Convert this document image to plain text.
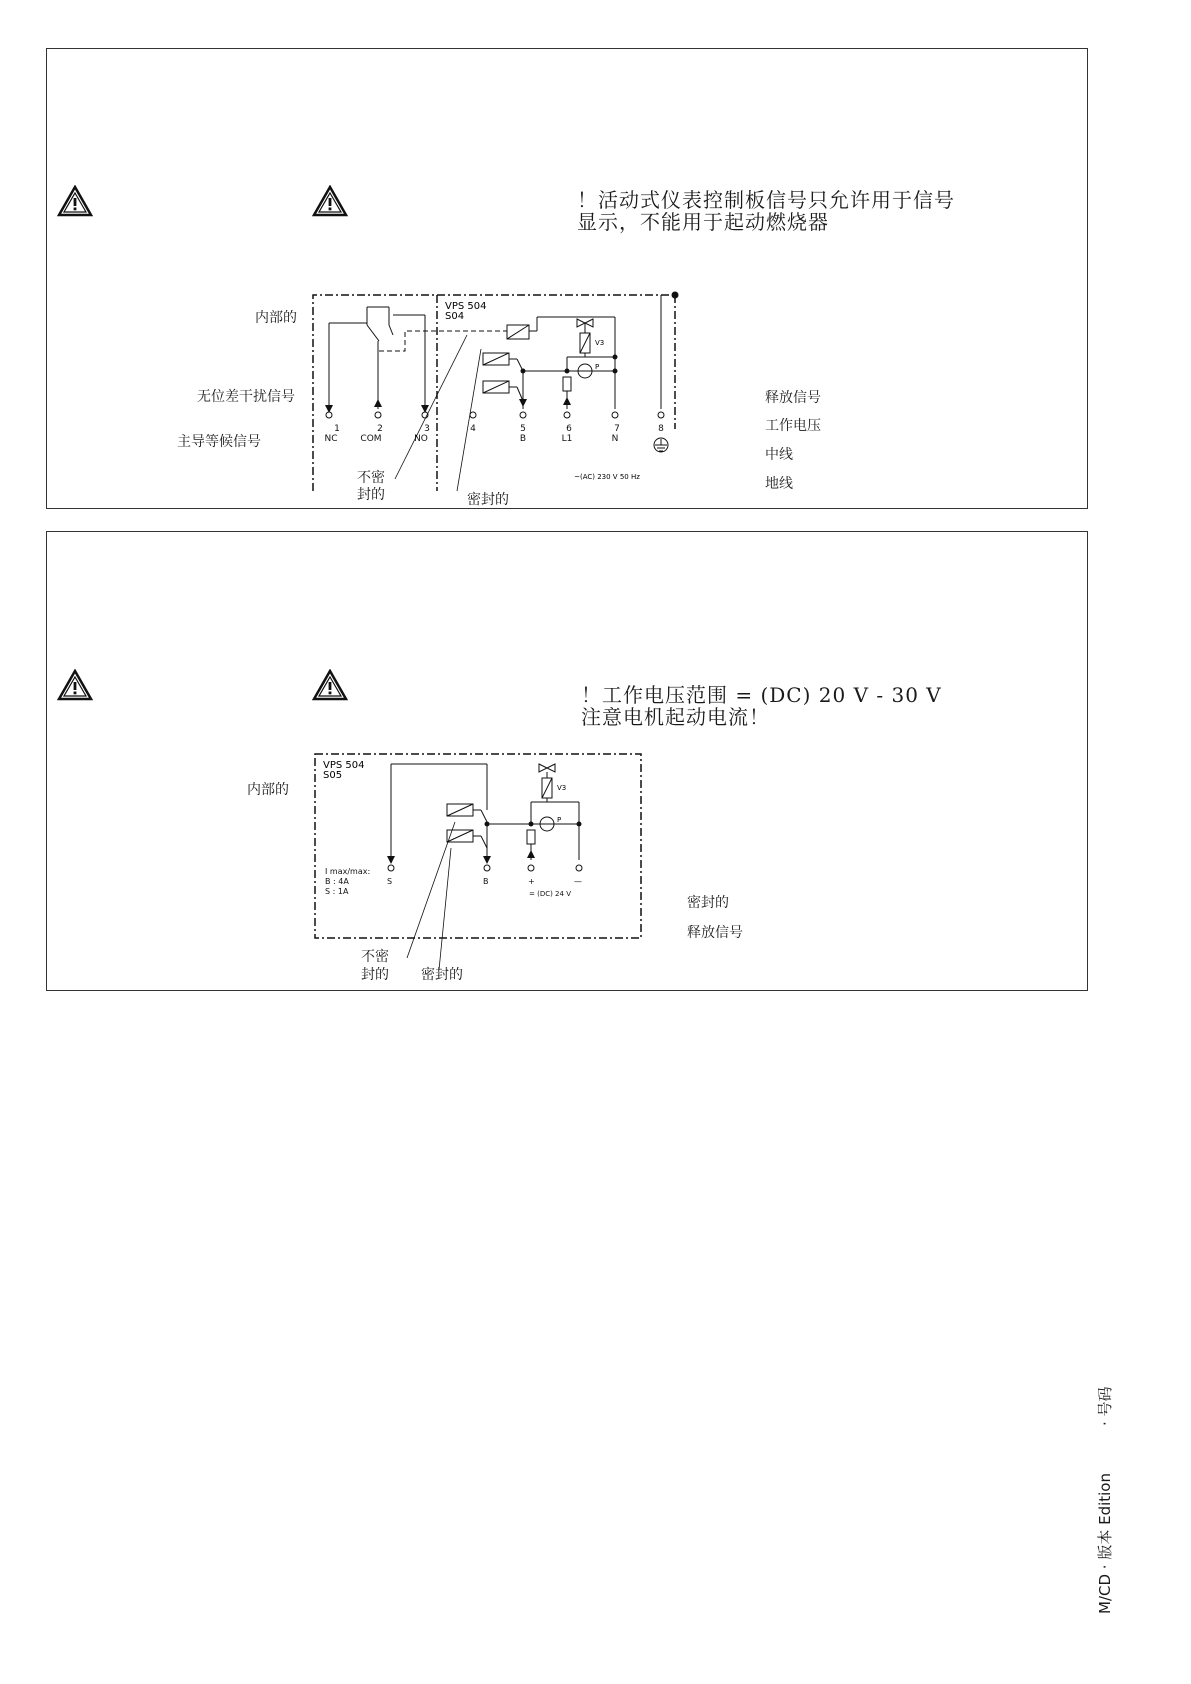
！活动式仪表控制板信号只允许用于信号
显示，不能用于起动燃烧器
内部的
无位差干扰信号
主导等候信号
释放信号
工作电压
中线
地线
不密
封的	密封的
VPS 504
S04
V3
P
1
NC
2
COM
3
NO
4	5
B
6
L1
7
N
8
~(AC) 230 V 50 Hz
！工作电压范围 = (DC) 20 V - 30 V
注意电机起动电流！
内部的
密封的
释放信号
不密
封的 密封的
VPS 504
S05
V3
P
I max/max:
B : 4A
S : 1A
S	B	+	—
= (DC) 24 V
M/CD · 版本 Edition
· 号码
